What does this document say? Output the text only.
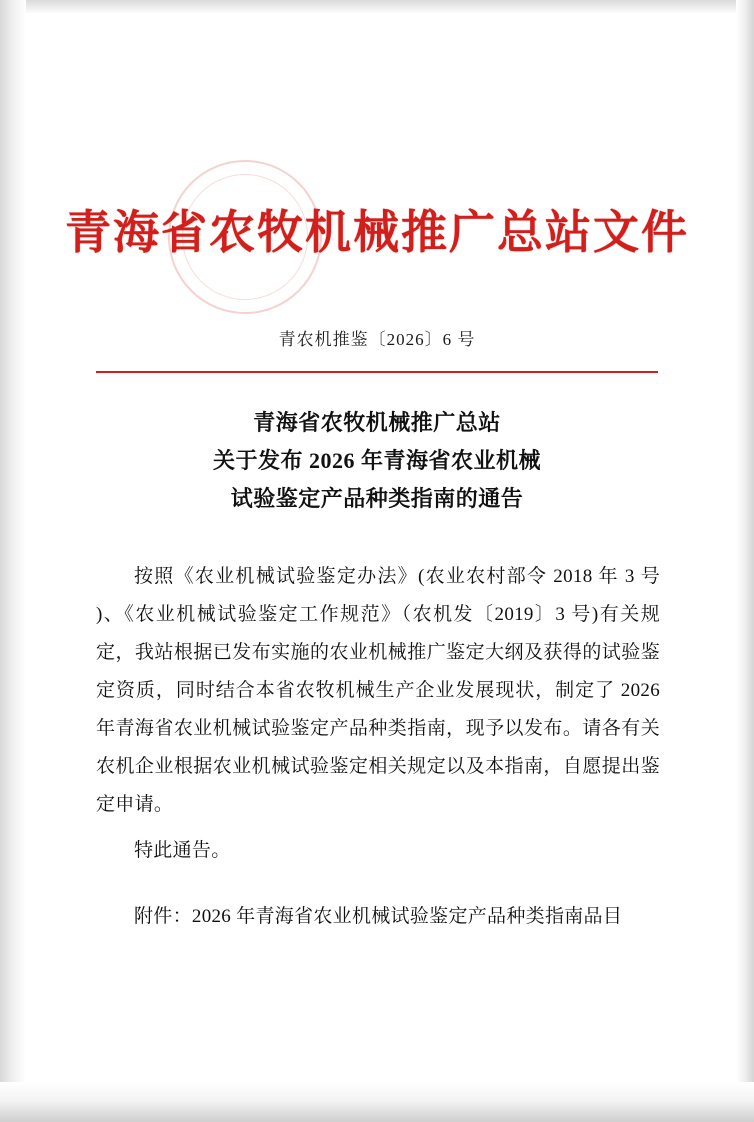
青海省农牧机械推广总站文件
青农机推鉴〔2026〕6 号
青海省农牧机械推广总站
关于发布 2026 年青海省农业机械
试验鉴定产品种类指南的通告

按照《农业机械试验鉴定办法》(农业农村部令 2018 年 3 号 )、《农业机械试验鉴定工作规范》（农机发〔2019〕3 号)有关规定，我站根据已发布实施的农业机械推广鉴定大纲及获得的试验鉴定资质，同时结合本省农牧机械生产企业发展现状，制定了 2026 年青海省农业机械试验鉴定产品种类指南，现予以发布。请各有关农机企业根据农业机械试验鉴定相关规定以及本指南，自愿提出鉴定申请。

特此通告。

附件：2026 年青海省农业机械试验鉴定产品种类指南品目
